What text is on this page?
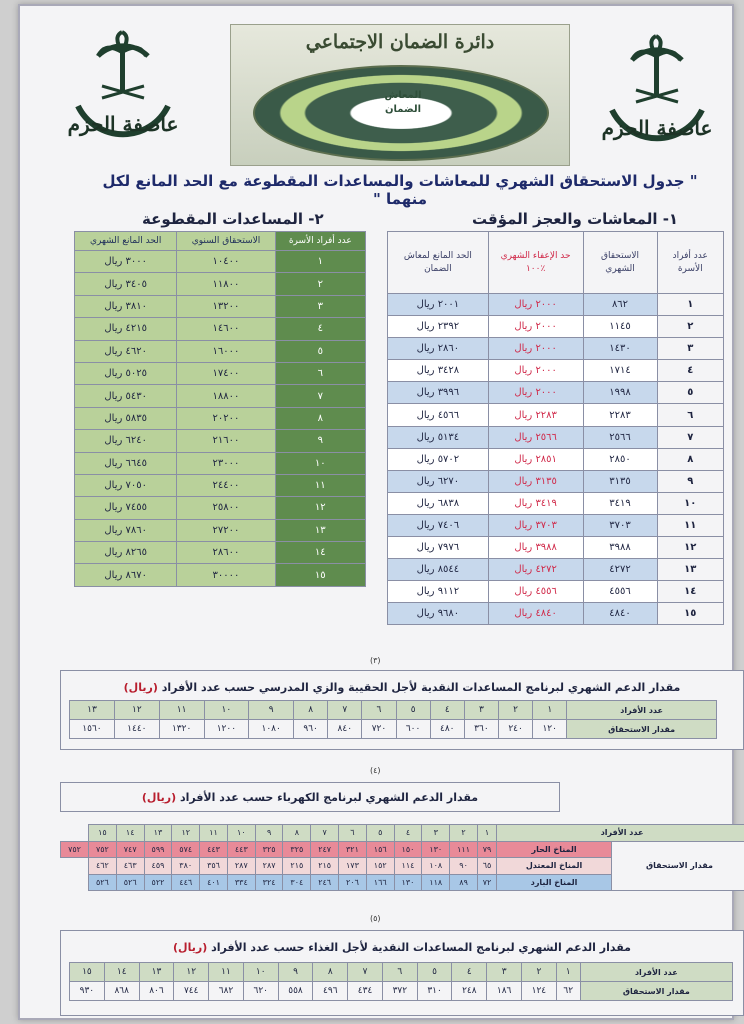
عاصفة الحزم	عاصفة الحزم
دائرة الضمان الاجتماعي
المعاش الضمان
" جدول الاستحقاق الشهري للمعاشات والمساعدات المقطوعة مع الحد المانع لكل منهما "
١- المعاشات والعجز المؤقت
٢- المساعدات المقطوعة
عدد أفراد الأسرة	الاستحقاق الشهري	حد الإعفاء الشهري ٪١٠٠	الحد المانع لمعاش الضمان
١	٨٦٢	٢٠٠٠ ريال	٢٠٠١ ريال
٢	١١٤٥	٢٠٠٠ ريال	٢٣٩٢ ريال
٣	١٤٣٠	٢٠٠٠ ريال	٢٨٦٠ ريال
٤	١٧١٤	٢٠٠٠ ريال	٣٤٢٨ ريال
٥	١٩٩٨	٢٠٠٠ ريال	٣٩٩٦ ريال
٦	٢٢٨٣	٢٢٨٣ ريال	٤٥٦٦ ريال
٧	٢٥٦٦	٢٥٦٦ ريال	٥١٣٤ ريال
٨	٢٨٥٠	٢٨٥١ ريال	٥٧٠٢ ريال
٩	٣١٣٥	٣١٣٥ ريال	٦٢٧٠ ريال
١٠	٣٤١٩	٣٤١٩ ريال	٦٨٣٨ ريال
١١	٣٧٠٣	٣٧٠٣ ريال	٧٤٠٦ ريال
١٢	٣٩٨٨	٣٩٨٨ ريال	٧٩٧٦ ريال
١٣	٤٢٧٢	٤٢٧٢ ريال	٨٥٤٤ ريال
١٤	٤٥٥٦	٤٥٥٦ ريال	٩١١٢ ريال
١٥	٤٨٤٠	٤٨٤٠ ريال	٩٦٨٠ ريال
عدد أفراد الأسرة	الاستحقاق السنوي	الحد المانع الشهري
١	١٠٤٠٠	٣٠٠٠ ريال
٢	١١٨٠٠	٣٤٠٥ ريال
٣	١٣٢٠٠	٣٨١٠ ريال
٤	١٤٦٠٠	٤٢١٥ ريال
٥	١٦٠٠٠	٤٦٢٠ ريال
٦	١٧٤٠٠	٥٠٢٥ ريال
٧	١٨٨٠٠	٥٤٣٠ ريال
٨	٢٠٢٠٠	٥٨٣٥ ريال
٩	٢١٦٠٠	٦٢٤٠ ريال
١٠	٢٣٠٠٠	٦٦٤٥ ريال
١١	٢٤٤٠٠	٧٠٥٠ ريال
١٢	٢٥٨٠٠	٧٤٥٥ ريال
١٣	٢٧٢٠٠	٧٨٦٠ ريال
١٤	٢٨٦٠٠	٨٢٦٥ ريال
١٥	٣٠٠٠٠	٨٦٧٠ ريال
(٣)
مقدار الدعم الشهري لبرنامج المساعدات النقدية لأجل الحقيبة والزي المدرسي حسب عدد الأفراد (ريال)
عدد الأفراد	١	٢	٣	٤	٥	٦	٧	٨	٩	١٠	١١	١٢	١٣
مقدار الاستحقاق	١٢٠	٢٤٠	٣٦٠	٤٨٠	٦٠٠	٧٢٠	٨٤٠	٩٦٠	١٠٨٠	١٢٠٠	١٣٢٠	١٤٤٠	١٥٦٠
(٤)
مقدار الدعم الشهري لبرنامج الكهرباء حسب عدد الأفراد (ريال)
عدد الأفراد		١	٢	٣	٤	٥	٦	٧	٨	٩	١٠	١١	١٢	١٣	١٤	١٥	
مقدار الاستحقاق	المناخ الحار	٧٩	١١١	١٣٠	١٥٠	١٥٦	٣٢١	٢٤٧	٣٢٥	٣٢٥	٤٤٣	٤٤٣	٥٧٤	٥٩٩	٧٤٧	٧٥٢	٧٥٢
	المناخ المعتدل	٦٥	٩٠	١٠٨	١١٤	١٥٢	١٧٣	٢١٥	٢١٥	٢٨٧	٢٨٧	٣٥٦	٣٨٠	٤٥٩	٤٦٣	٤٦٢	
	المناخ البارد	٧٢	٨٩	١١٨	١٣٠	١٦٦	٢٠٦	٢٤٦	٣٠٤	٣٢٤	٣٣٤	٤٠١	٤٤٦	٥٢٢	٥٢٦	٥٢٦	
(٥)
مقدار الدعم الشهري لبرنامج المساعدات النقدية لأجل الغذاء حسب عدد الأفراد (ريال)
عدد الأفراد	١	٢	٣	٤	٥	٦	٧	٨	٩	١٠	١١	١٢	١٣	١٤	١٥
مقدار الاستحقاق	٦٢	١٢٤	١٨٦	٢٤٨	٣١٠	٣٧٢	٤٣٤	٤٩٦	٥٥٨	٦٢٠	٦٨٢	٧٤٤	٨٠٦	٨٦٨	٩٣٠
